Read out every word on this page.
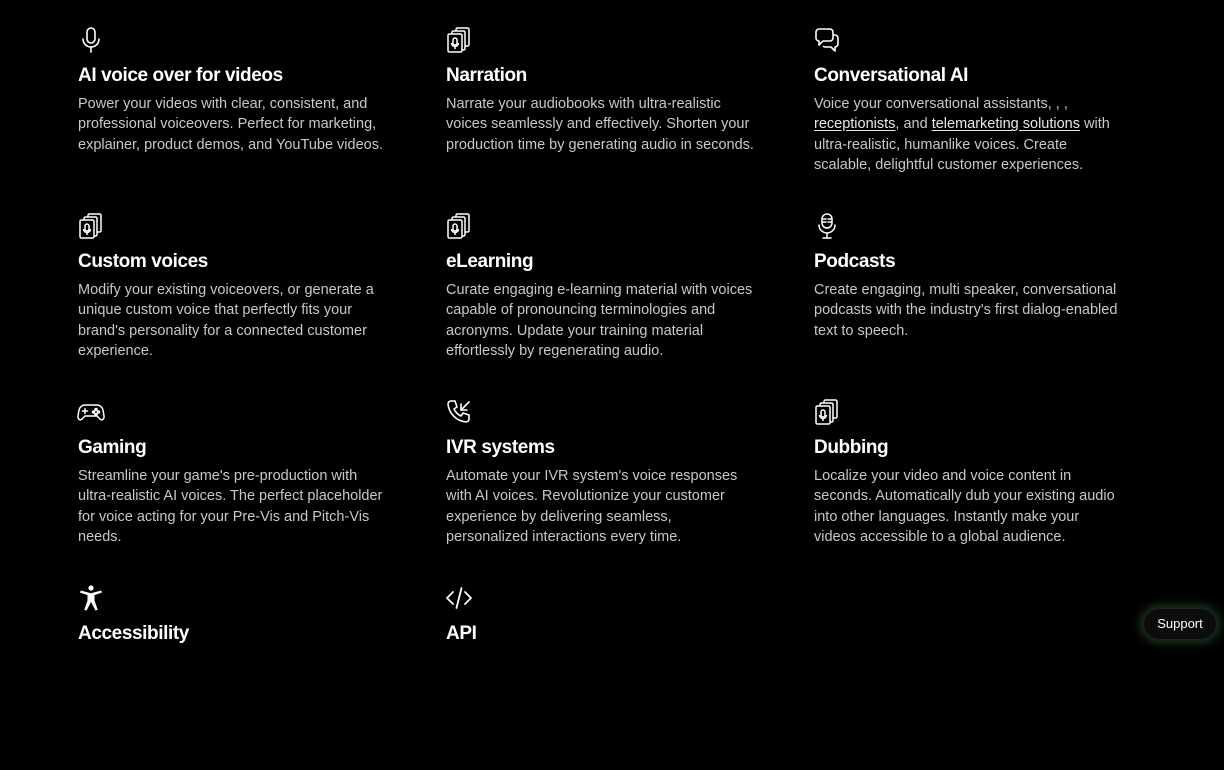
AI voice over for videos
Power your videos with clear, consistent, and professional voiceovers. Perfect for marketing, explainer, product demos, and YouTube videos.
Narration
Narrate your audiobooks with ultra-realistic voices seamlessly and effectively. Shorten your production time by generating audio in seconds.
Conversational AI
Voice your conversational assistants, , , receptionists, and telemarketing solutions with ultra-realistic, humanlike voices. Create scalable, delightful customer experiences.
Custom voices
Modify your existing voiceovers, or generate a unique custom voice that perfectly fits your brand's personality for a connected customer experience.
eLearning
Curate engaging e-learning material with voices capable of pronouncing terminologies and acronyms. Update your training material effortlessly by regenerating audio.
Podcasts
Create engaging, multi speaker, conversational podcasts with the industry's first dialog-enabled text to speech.
Gaming
Streamline your game's pre-production with ultra-realistic AI voices. The perfect placeholder for voice acting for your Pre-Vis and Pitch-Vis needs.
IVR systems
Automate your IVR system's voice responses with AI voices. Revolutionize your customer experience by delivering seamless, personalized interactions every time.
Dubbing
Localize your video and voice content in seconds. Automatically dub your existing audio into other languages. Instantly make your videos accessible to a global audience.
Accessibility	API	Support
